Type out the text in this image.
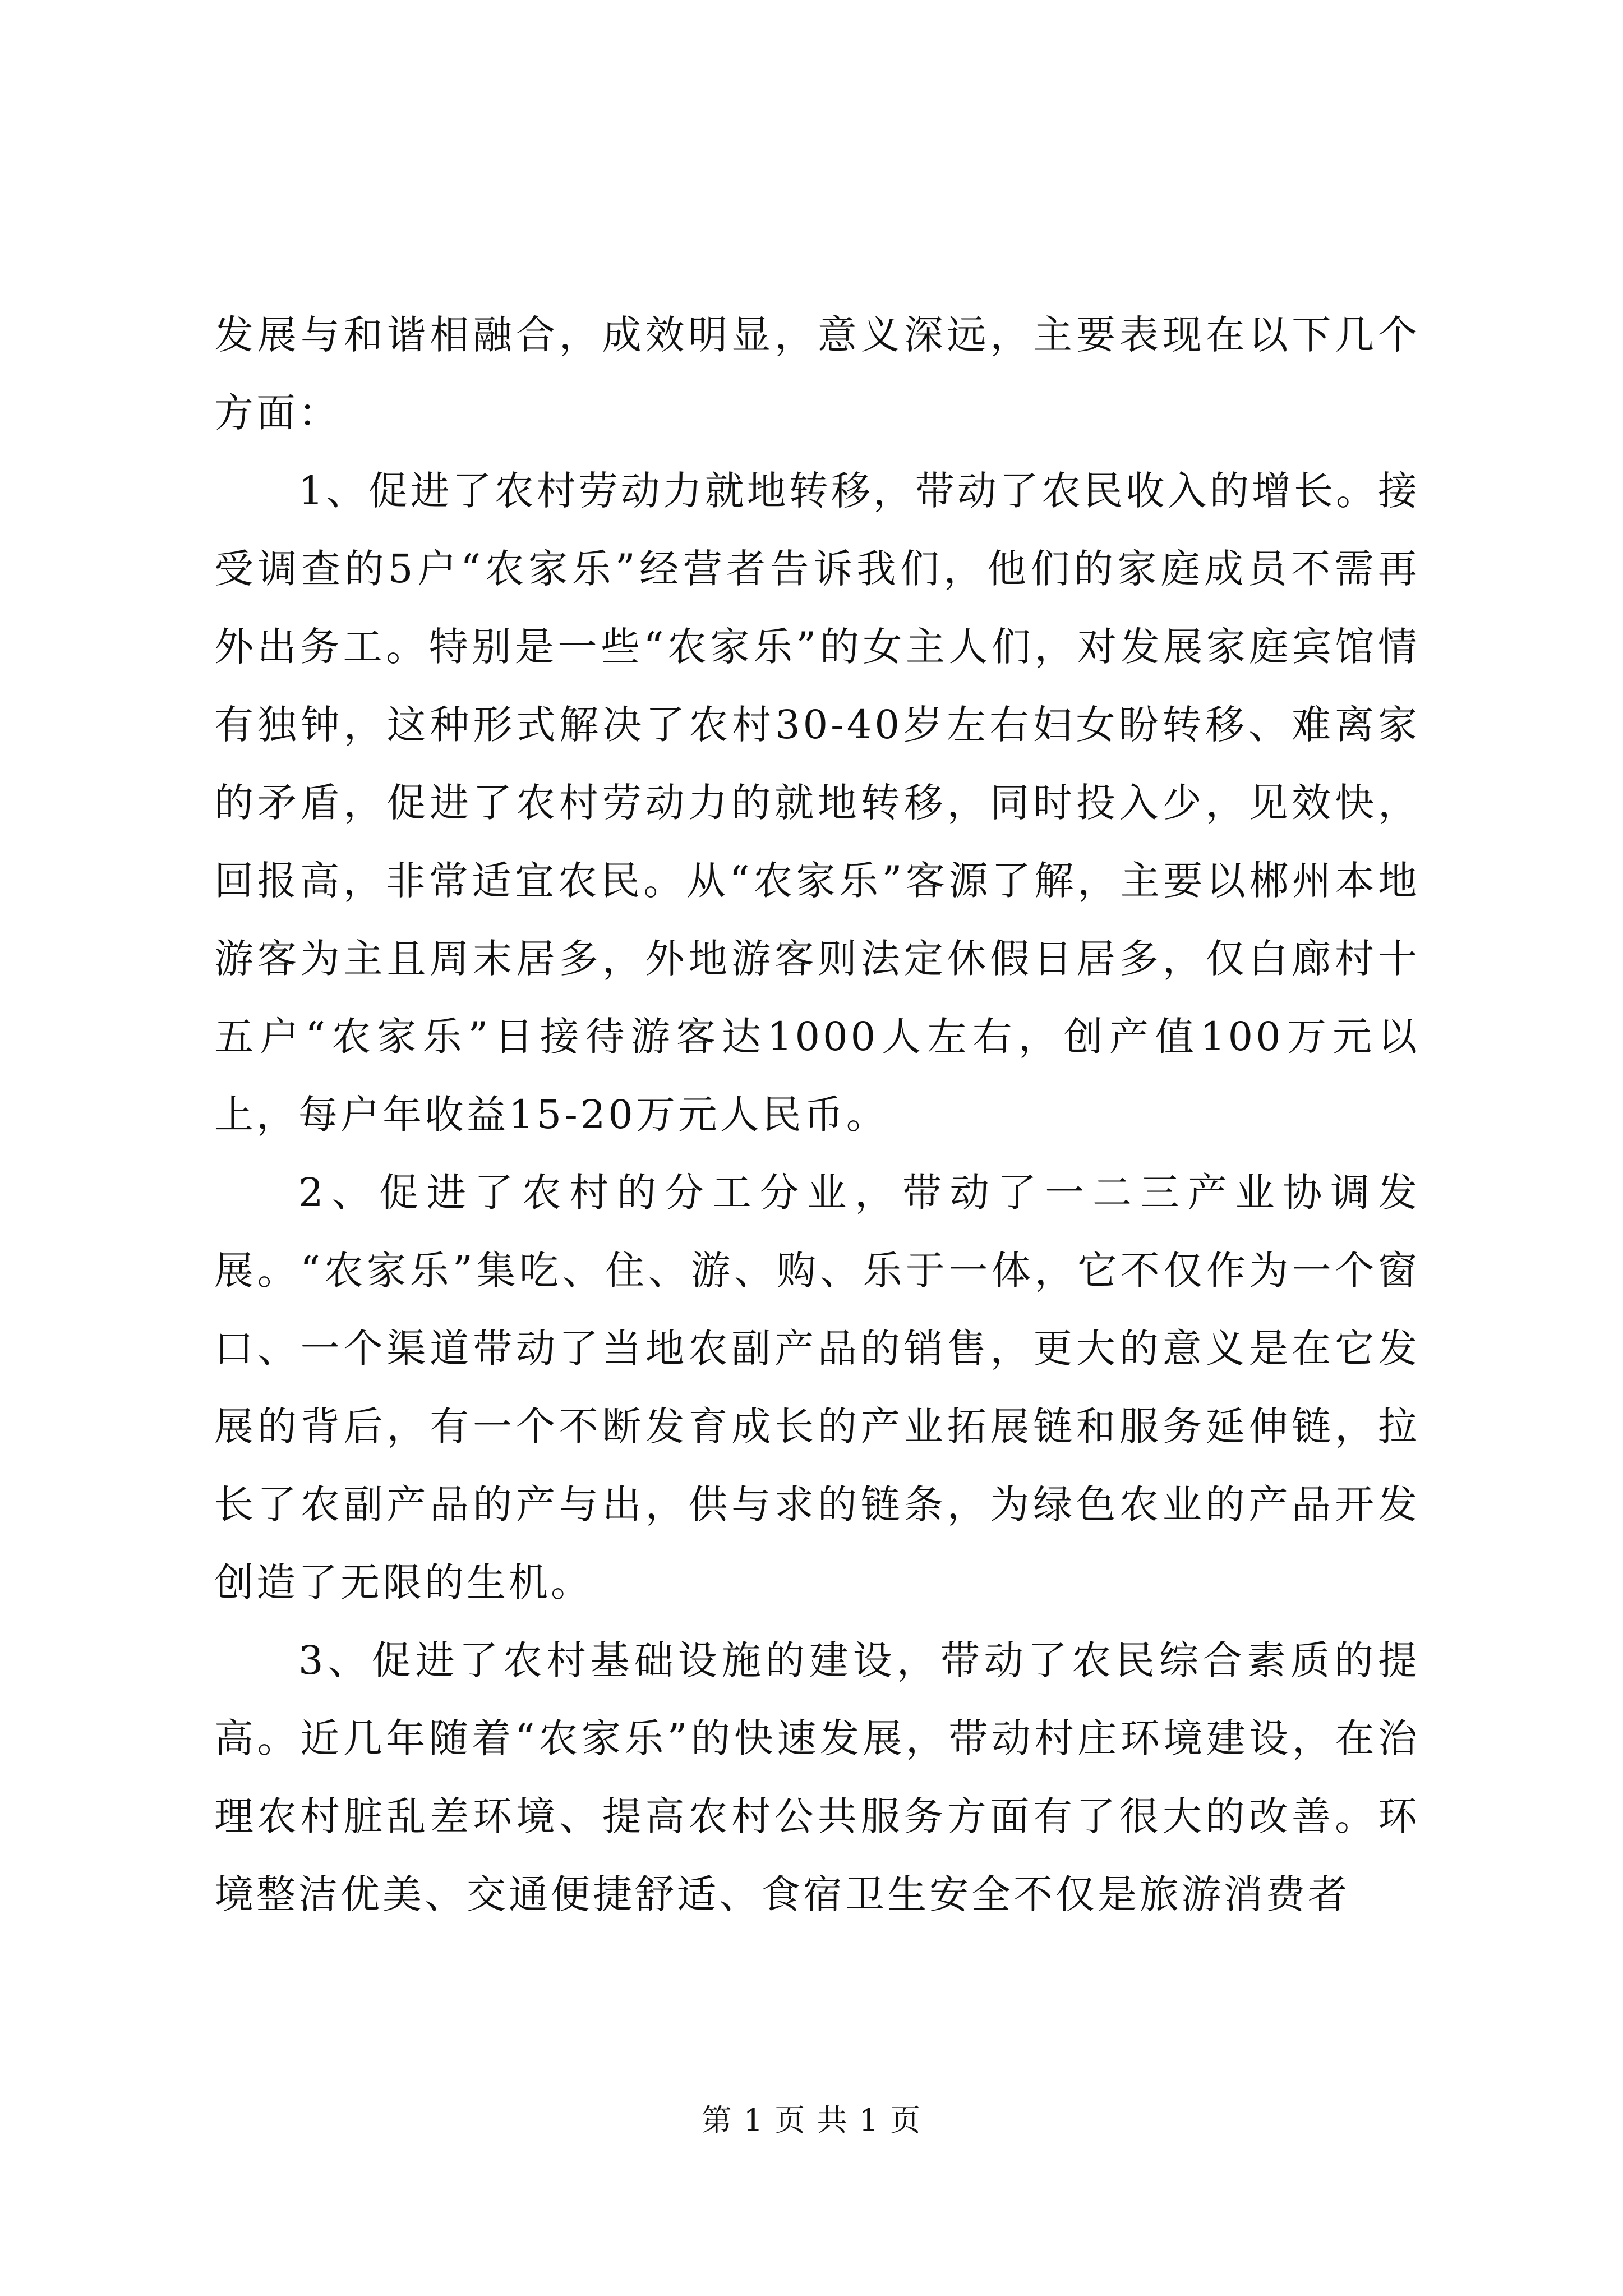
发展与和谐相融合，成效明显，意义深远，主要表现在以下几个方面：

1、促进了农村劳动力就地转移，带动了农民收入的增长。接受调查的5户“农家乐”经营者告诉我们，他们的家庭成员不需再外出务工。特别是一些“农家乐”的女主人们，对发展家庭宾馆情有独钟，这种形式解决了农村30-40岁左右妇女盼转移、难离家的矛盾，促进了农村劳动力的就地转移，同时投入少，见效快，回报高，非常适宜农民。从“农家乐”客源了解，主要以郴州本地游客为主且周末居多，外地游客则法定休假日居多，仅白廊村十五户“农家乐”日接待游客达1000人左右，创产值100万元以上，每户年收益15-20万元人民币。

2、促进了农村的分工分业，带动了一二三产业协调发展。“农家乐”集吃、住、游、购、乐于一体，它不仅作为一个窗口、一个渠道带动了当地农副产品的销售，更大的意义是在它发展的背后，有一个不断发育成长的产业拓展链和服务延伸链，拉长了农副产品的产与出，供与求的链条，为绿色农业的产品开发创造了无限的生机。

3、促进了农村基础设施的建设，带动了农民综合素质的提高。近几年随着“农家乐”的快速发展，带动村庄环境建设，在治理农村脏乱差环境、提高农村公共服务方面有了很大的改善。环境整洁优美、交通便捷舒适、食宿卫生安全不仅是旅游消费者

第 1 页 共 1 页
